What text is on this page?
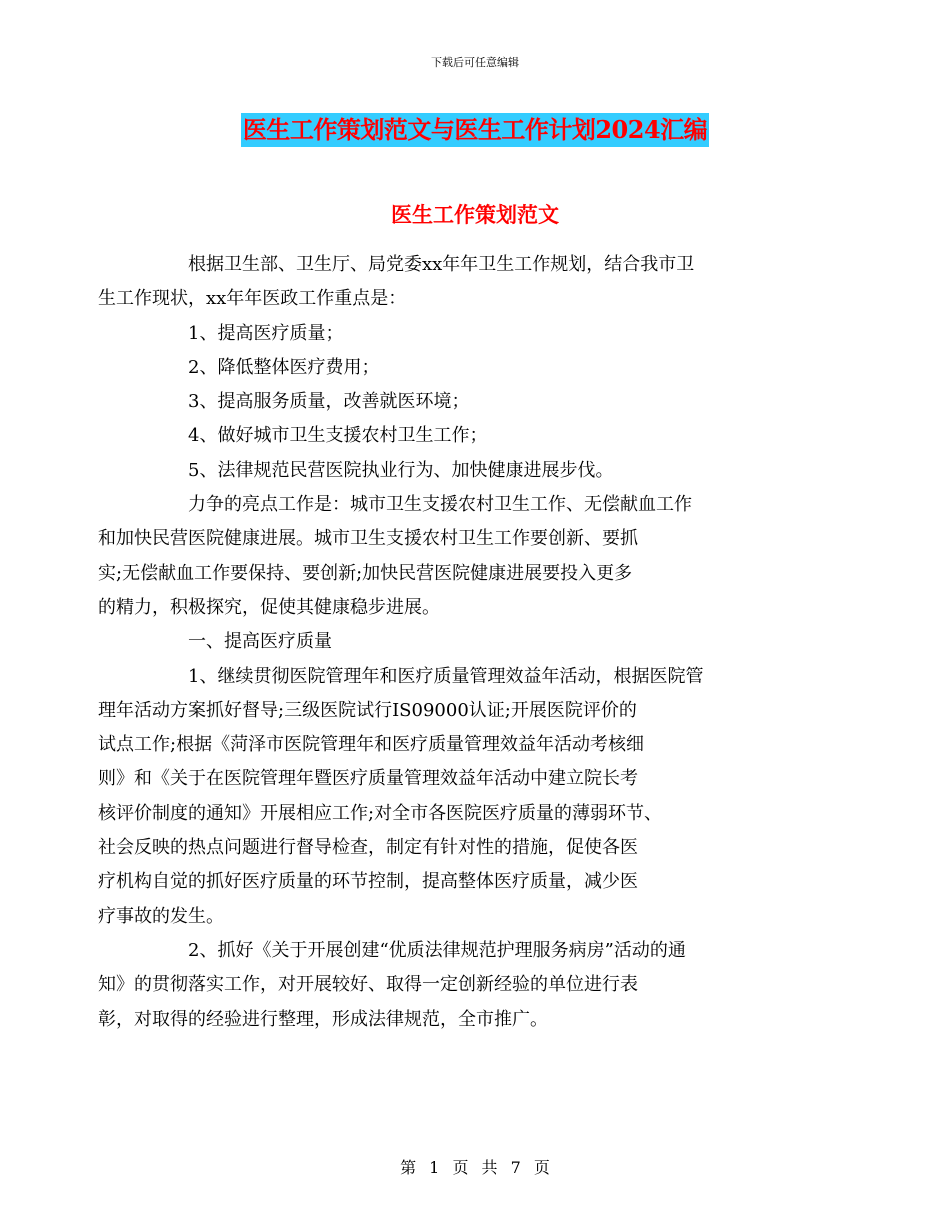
下载后可任意编辑
医生工作策划范文与医生工作计划2024汇编
医生工作策划范文

根据卫生部、卫生厅、局党委xx年年卫生工作规划，结合我市卫
生工作现状，xx年年医政工作重点是：

1、提高医疗质量；

2、降低整体医疗费用；

3、提高服务质量，改善就医环境；

4、做好城市卫生支援农村卫生工作；

5、法律规范民营医院执业行为、加快健康进展步伐。

力争的亮点工作是：城市卫生支援农村卫生工作、无偿献血工作
和加快民营医院健康进展。城市卫生支援农村卫生工作要创新、要抓
实;无偿献血工作要保持、要创新;加快民营医院健康进展要投入更多
的精力，积极探究，促使其健康稳步进展。

一、提高医疗质量

1、继续贯彻医院管理年和医疗质量管理效益年活动，根据医院管
理年活动方案抓好督导;三级医院试行IS09000认证;开展医院评价的
试点工作;根据《菏泽市医院管理年和医疗质量管理效益年活动考核细
则》和《关于在医院管理年暨医疗质量管理效益年活动中建立院长考
核评价制度的通知》开展相应工作;对全市各医院医疗质量的薄弱环节、
社会反映的热点问题进行督导检查，制定有针对性的措施，促使各医
疗机构自觉的抓好医疗质量的环节控制，提高整体医疗质量，减少医
疗事故的发生。

2、抓好《关于开展创建“优质法律规范护理服务病房”活动的通
知》的贯彻落实工作，对开展较好、取得一定创新经验的单位进行表
彰，对取得的经验进行整理，形成法律规范，全市推广。

第 1 页 共 7 页
